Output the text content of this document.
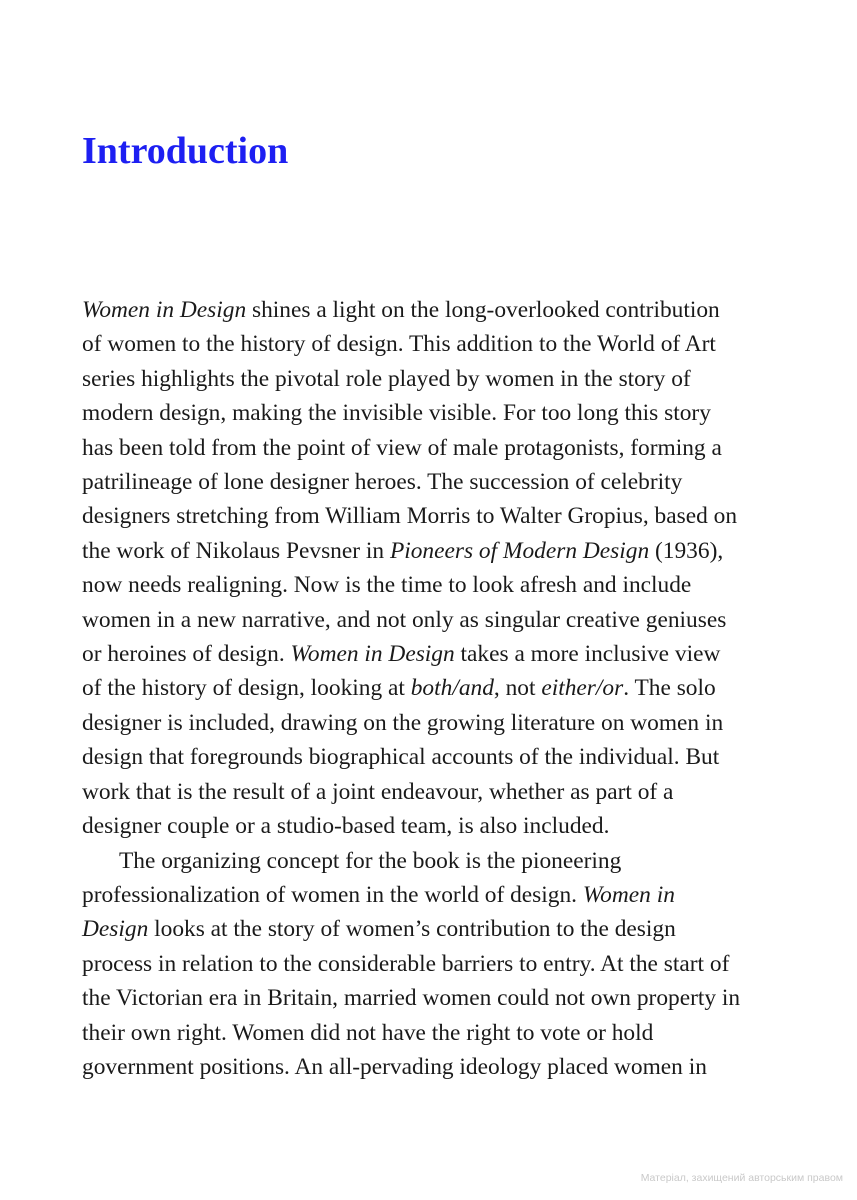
Introduction
Women in Design shines a light on the long-overlooked contribution
of women to the history of design. This addition to the World of Art
series highlights the pivotal role played by women in the story of
modern design, making the invisible visible. For too long this story
has been told from the point of view of male protagonists, forming a
patrilineage of lone designer heroes. The succession of celebrity
designers stretching from William Morris to Walter Gropius, based on
the work of Nikolaus Pevsner in Pioneers of Modern Design (1936),
now needs realigning. Now is the time to look afresh and include
women in a new narrative, and not only as singular creative geniuses
or heroines of design. Women in Design takes a more inclusive view
of the history of design, looking at both/and, not either/or. The solo
designer is included, drawing on the growing literature on women in
design that foregrounds biographical accounts of the individual. But
work that is the result of a joint endeavour, whether as part of a
designer couple or a studio-based team, is also included.
The organizing concept for the book is the pioneering
professionalization of women in the world of design. Women in
Design looks at the story of women’s contribution to the design
process in relation to the considerable barriers to entry. At the start of
the Victorian era in Britain, married women could not own property in
their own right. Women did not have the right to vote or hold
government positions. An all-pervading ideology placed women in
Матеріал, захищений авторським правом
